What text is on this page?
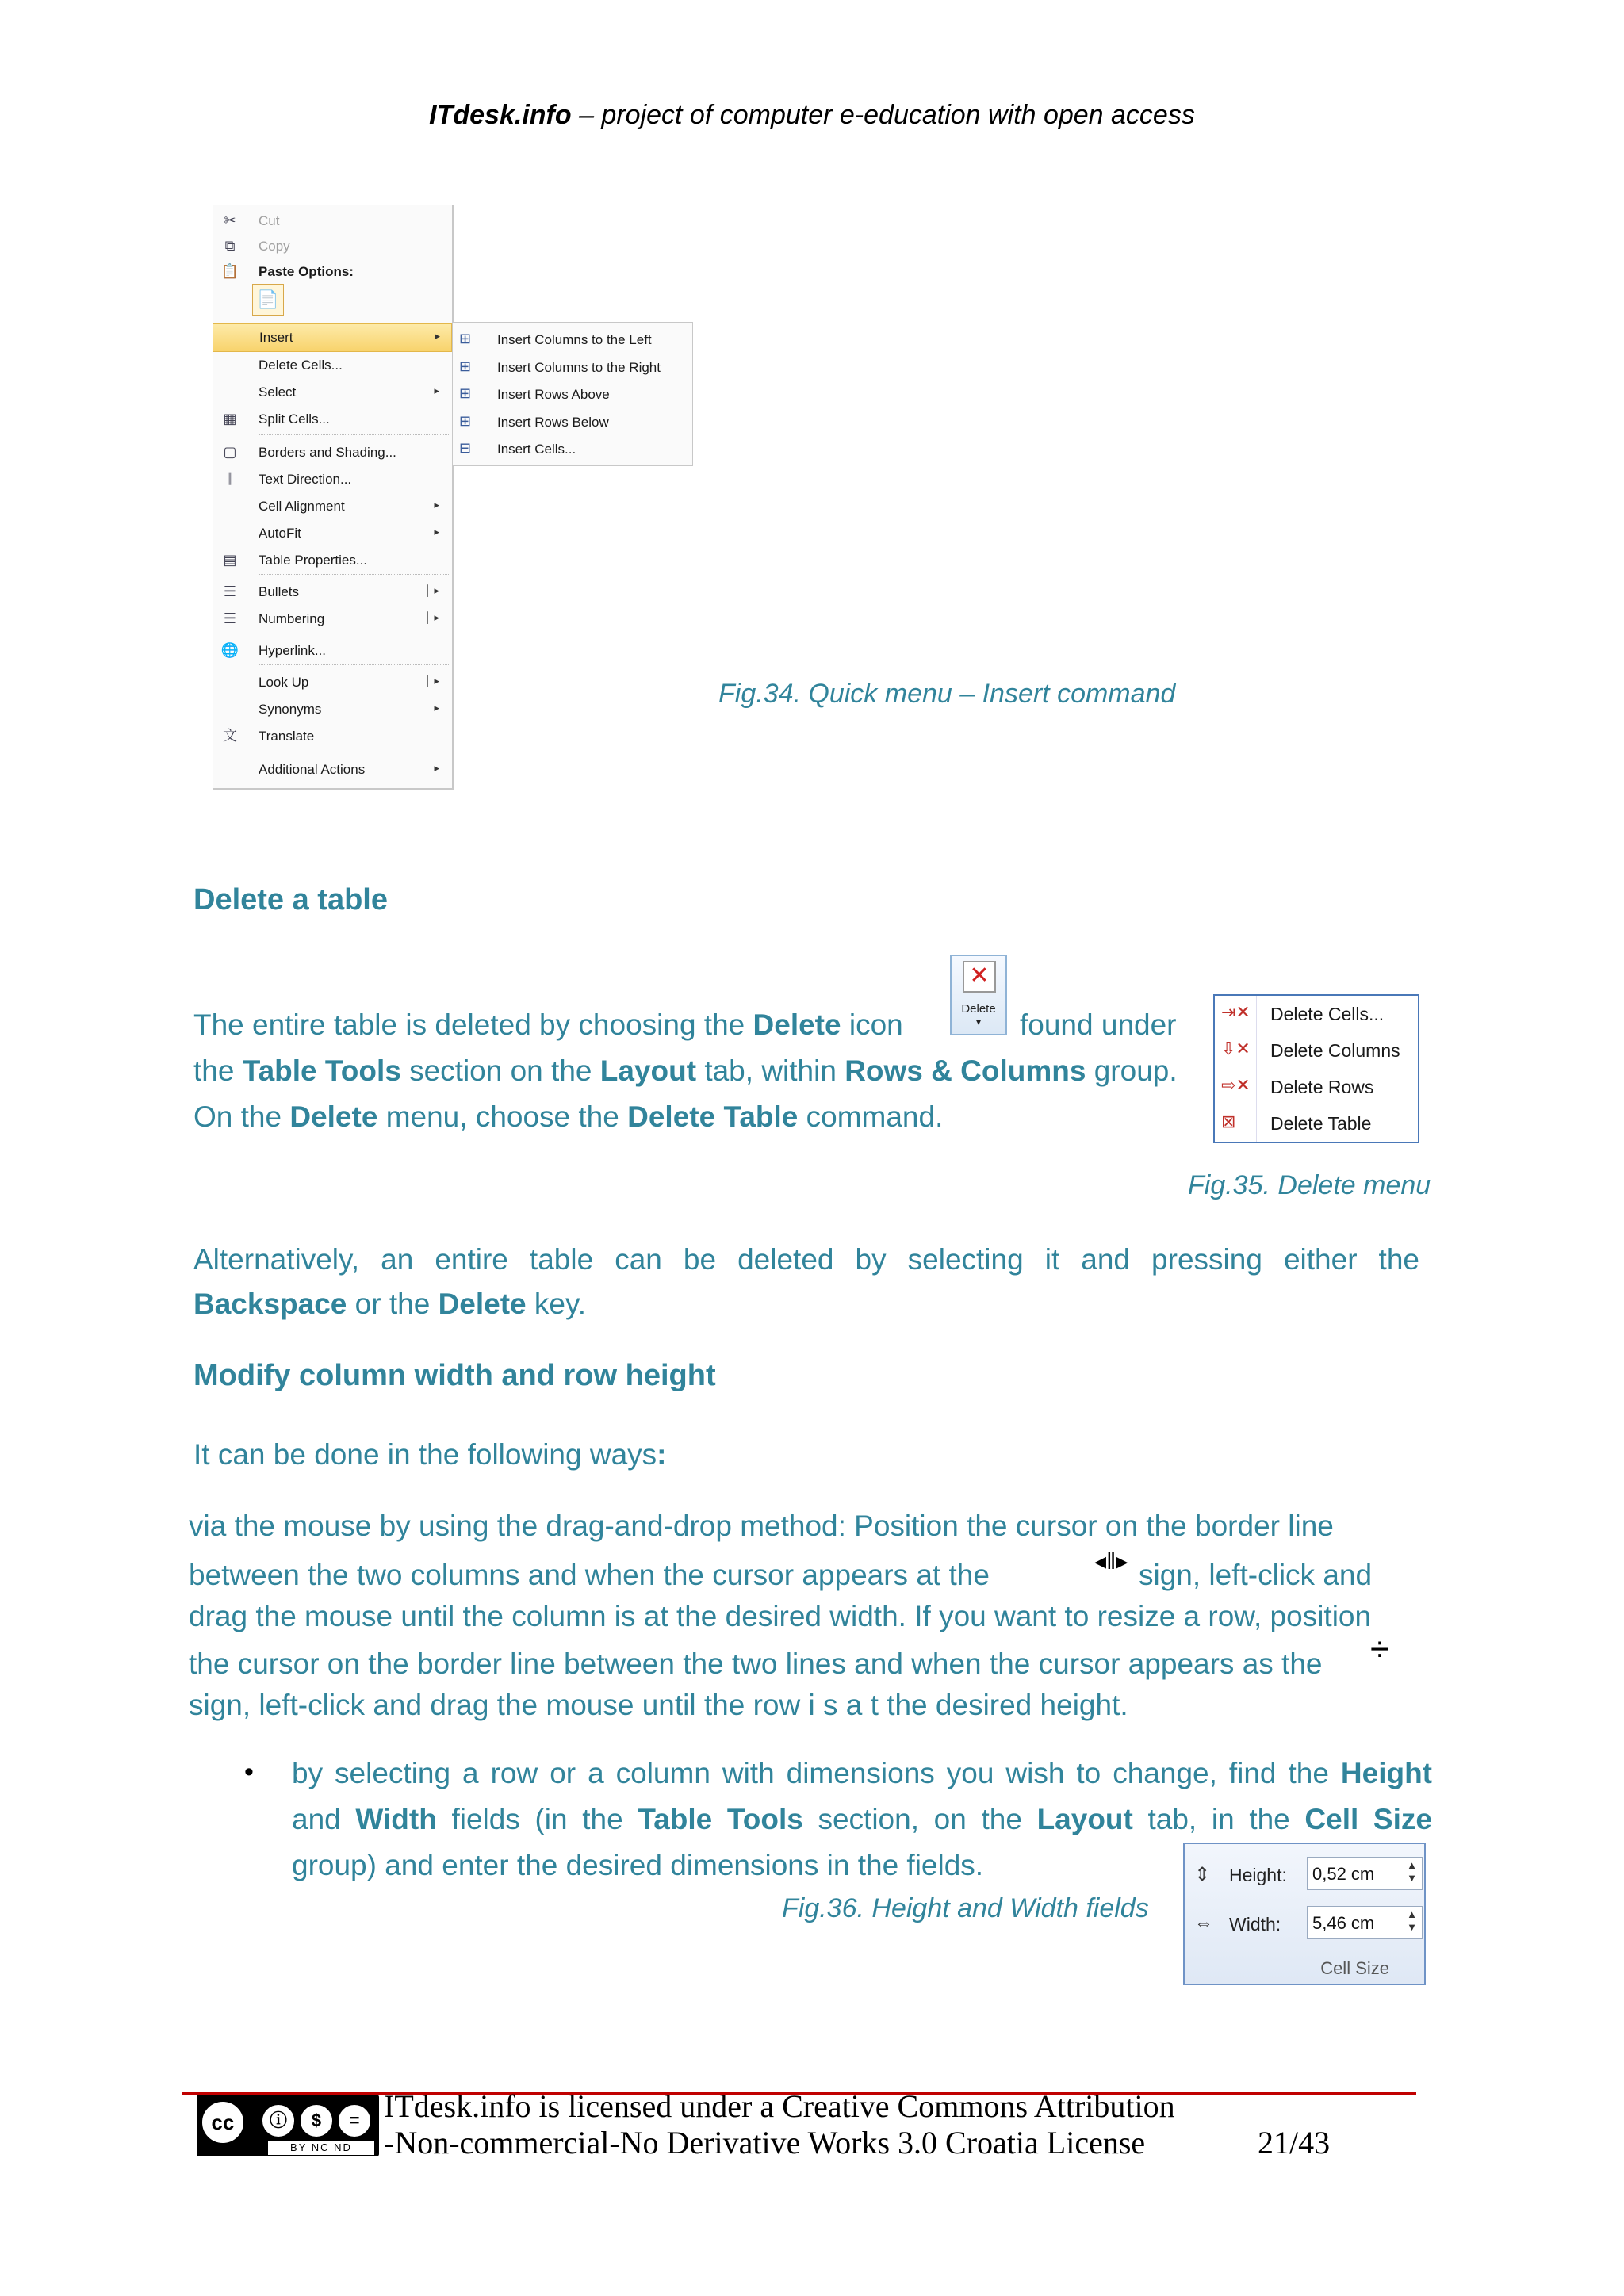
ITdesk.info – project of computer e-education with open access
✂ Cut
⧉	Copy
📋 Paste Options:
Insert	▸
Delete Cells...
Select	▸
▦ Split Cells...
▢ Borders and Shading...
⫼	Text Direction...
Cell Alignment	▸
AutoFit	▸
▤ Table Properties...
☰ Bullets	│ ▸
☰ Numbering	│ ▸
🌐 Hyperlink...
Look Up	│ ▸
Synonyms	▸
文 Translate
Additional Actions	▸
📄
⊞ Insert Columns to the Left
⊞ Insert Columns to the Right
⊞ Insert Rows Above
⊞ Insert Rows Below
⊟ Insert Cells...
Fig.34. Quick menu – Insert command
Delete a table
The entire table is deleted by choosing the Delete icon	found under
the Table Tools section on the Layout tab, within Rows & Columns group.
On the Delete menu, choose the Delete Table command.
✕
Delete
▾	⇥✕ Delete Cells...
⇩✕ Delete Columns
⇨✕ Delete Rows
⊠ Delete Table
Fig.35. Delete menu
Alternatively, an entire table can be deleted by selecting it and pressing either the
Backspace or the Delete key.
Modify column width and row height
It can be done in the following ways:
via the mouse by using the drag-and-drop method: Position the cursor on the border line
between the two columns and when the cursor appears at the	◂‖▸ sign, left-click and
drag the mouse until the column is at the desired width. If you want to resize a row, position
the cursor on the border line between the two lines and when the cursor appears as the ÷
sign, left-click and drag the mouse until the row i s a t the desired height.
• by selecting a row or a column with dimensions you wish to change, find the Height
and Width fields (in the Table Tools section, on the Layout tab, in the Cell Size
group) and enter the desired dimensions in the fields.
Fig.36. Height and Width fields
⇕ Height: 0,52 cm	▲
▼
⇔ Width: 5,46 cm	▲
▼
Cell Size
cc	ⓘ	$	=
BY NC ND
ITdesk.info is licensed under a Creative Commons Attribution
-Non-commercial-No Derivative Works 3.0 Croatia License	21/43
